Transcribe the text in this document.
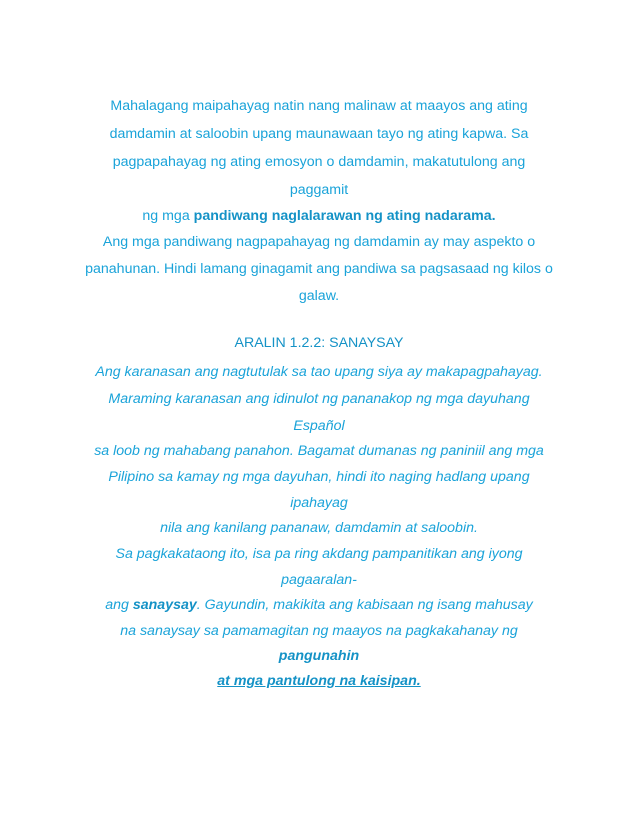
Mahalagang maipahayag natin nang malinaw at maayos ang ating
damdamin at saloobin upang maunawaan tayo ng ating kapwa. Sa
pagpapahayag ng ating emosyon o damdamin, makatutulong ang
paggamit
ng mga pandiwang naglalarawan ng ating nadarama.
Ang mga pandiwang nagpapahayag ng damdamin ay may aspekto o
panahunan. Hindi lamang ginagamit ang pandiwa sa pagsasaad ng kilos o
galaw.
ARALIN 1.2.2: SANAYSAY
Ang karanasan ang nagtutulak sa tao upang siya ay makapagpahayag.
Maraming karanasan ang idinulot ng pananakop ng mga dayuhang
Español
sa loob ng mahabang panahon. Bagamat dumanas ng paniniil ang mga
Pilipino sa kamay ng mga dayuhan, hindi ito naging hadlang upang
ipahayag
nila ang kanilang pananaw, damdamin at saloobin.
Sa pagkakataong ito, isa pa ring akdang pampanitikan ang iyong
pagaaralan-
ang sanaysay. Gayundin, makikita ang kabisaan ng isang mahusay
na sanaysay sa pamamagitan ng maayos na pagkakahanay ng
pangunahin
at mga pantulong na kaisipan.
